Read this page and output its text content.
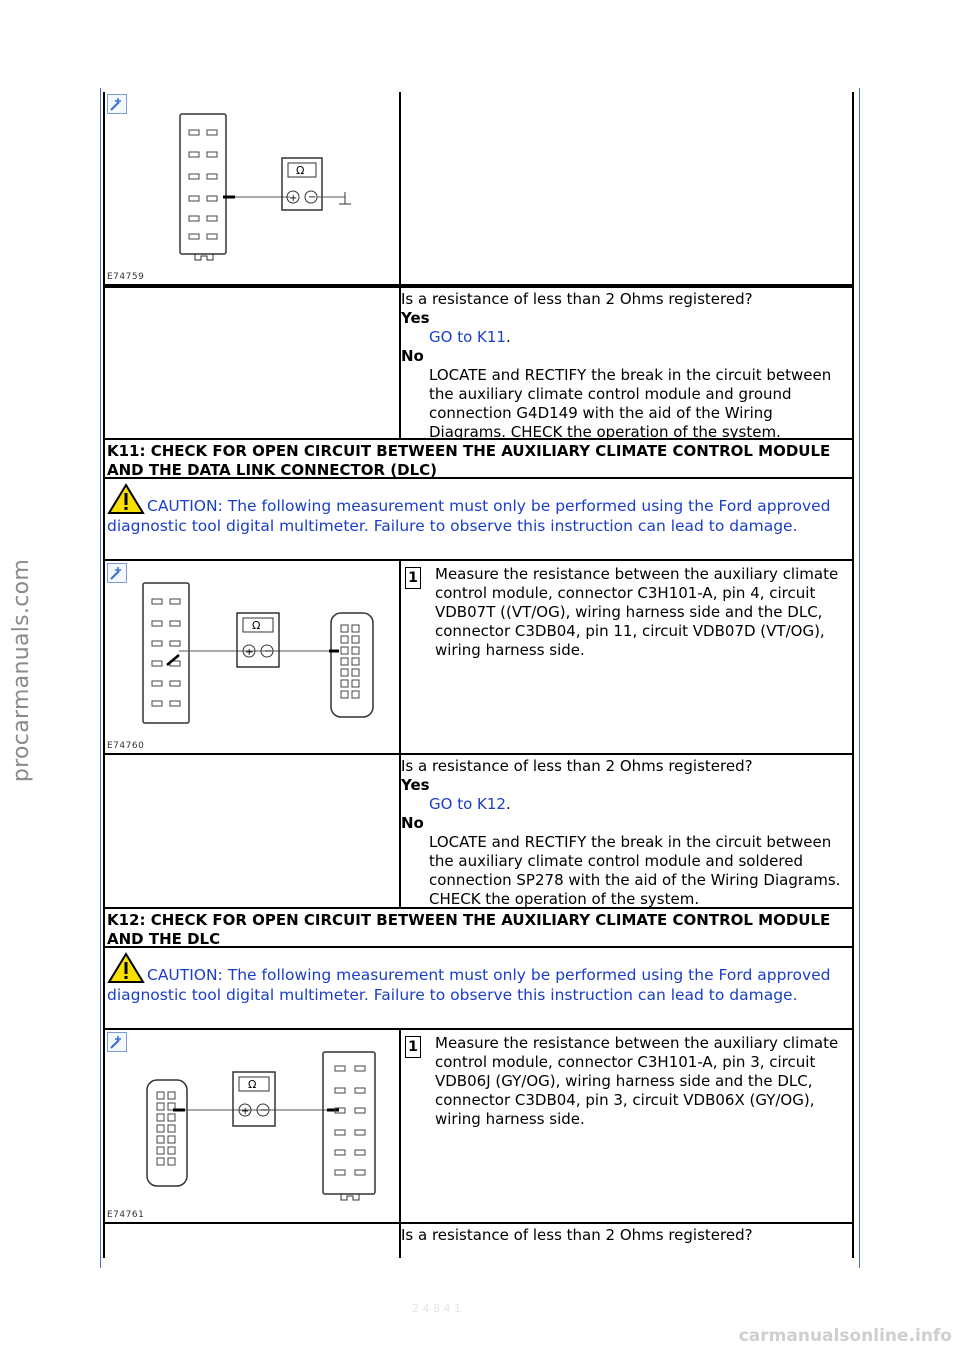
procarmanuals.com
carmanualsonline.info
2 4 8 4 1
Ω
+ −
E74759
Is a resistance of less than 2 Ohms registered?
Yes
GO to K11.
No
LOCATE and RECTIFY the break in the circuit between the auxiliary climate control module and ground connection G4D149 with the aid of the Wiring Diagrams. CHECK the operation of the system.
K11: CHECK FOR OPEN CIRCUIT BETWEEN THE AUXILIARY CLIMATE CONTROL MODULE AND THE DATA LINK CONNECTOR (DLC)
CAUTION: The following measurement must only be performed using the Ford approved diagnostic tool digital multimeter. Failure to observe this instruction can lead to damage.
Ω
+ −
E74760
1 Measure the resistance between the auxiliary climate control module, connector C3H101-A, pin 4, circuit VDB07T ((VT/OG), wiring harness side and the DLC, connector C3DB04, pin 11, circuit VDB07D (VT/OG), wiring harness side.
Is a resistance of less than 2 Ohms registered?
Yes
GO to K12.
No
LOCATE and RECTIFY the break in the circuit between the auxiliary climate control module and soldered connection SP278 with the aid of the Wiring Diagrams. CHECK the operation of the system.
K12: CHECK FOR OPEN CIRCUIT BETWEEN THE AUXILIARY CLIMATE CONTROL MODULE AND THE DLC
CAUTION: The following measurement must only be performed using the Ford approved diagnostic tool digital multimeter. Failure to observe this instruction can lead to damage.
Ω
+ −
E74761
1 Measure the resistance between the auxiliary climate control module, connector C3H101-A, pin 3, circuit VDB06J (GY/OG), wiring harness side and the DLC, connector C3DB04, pin 3, circuit VDB06X (GY/OG), wiring harness side.
Is a resistance of less than 2 Ohms registered?
